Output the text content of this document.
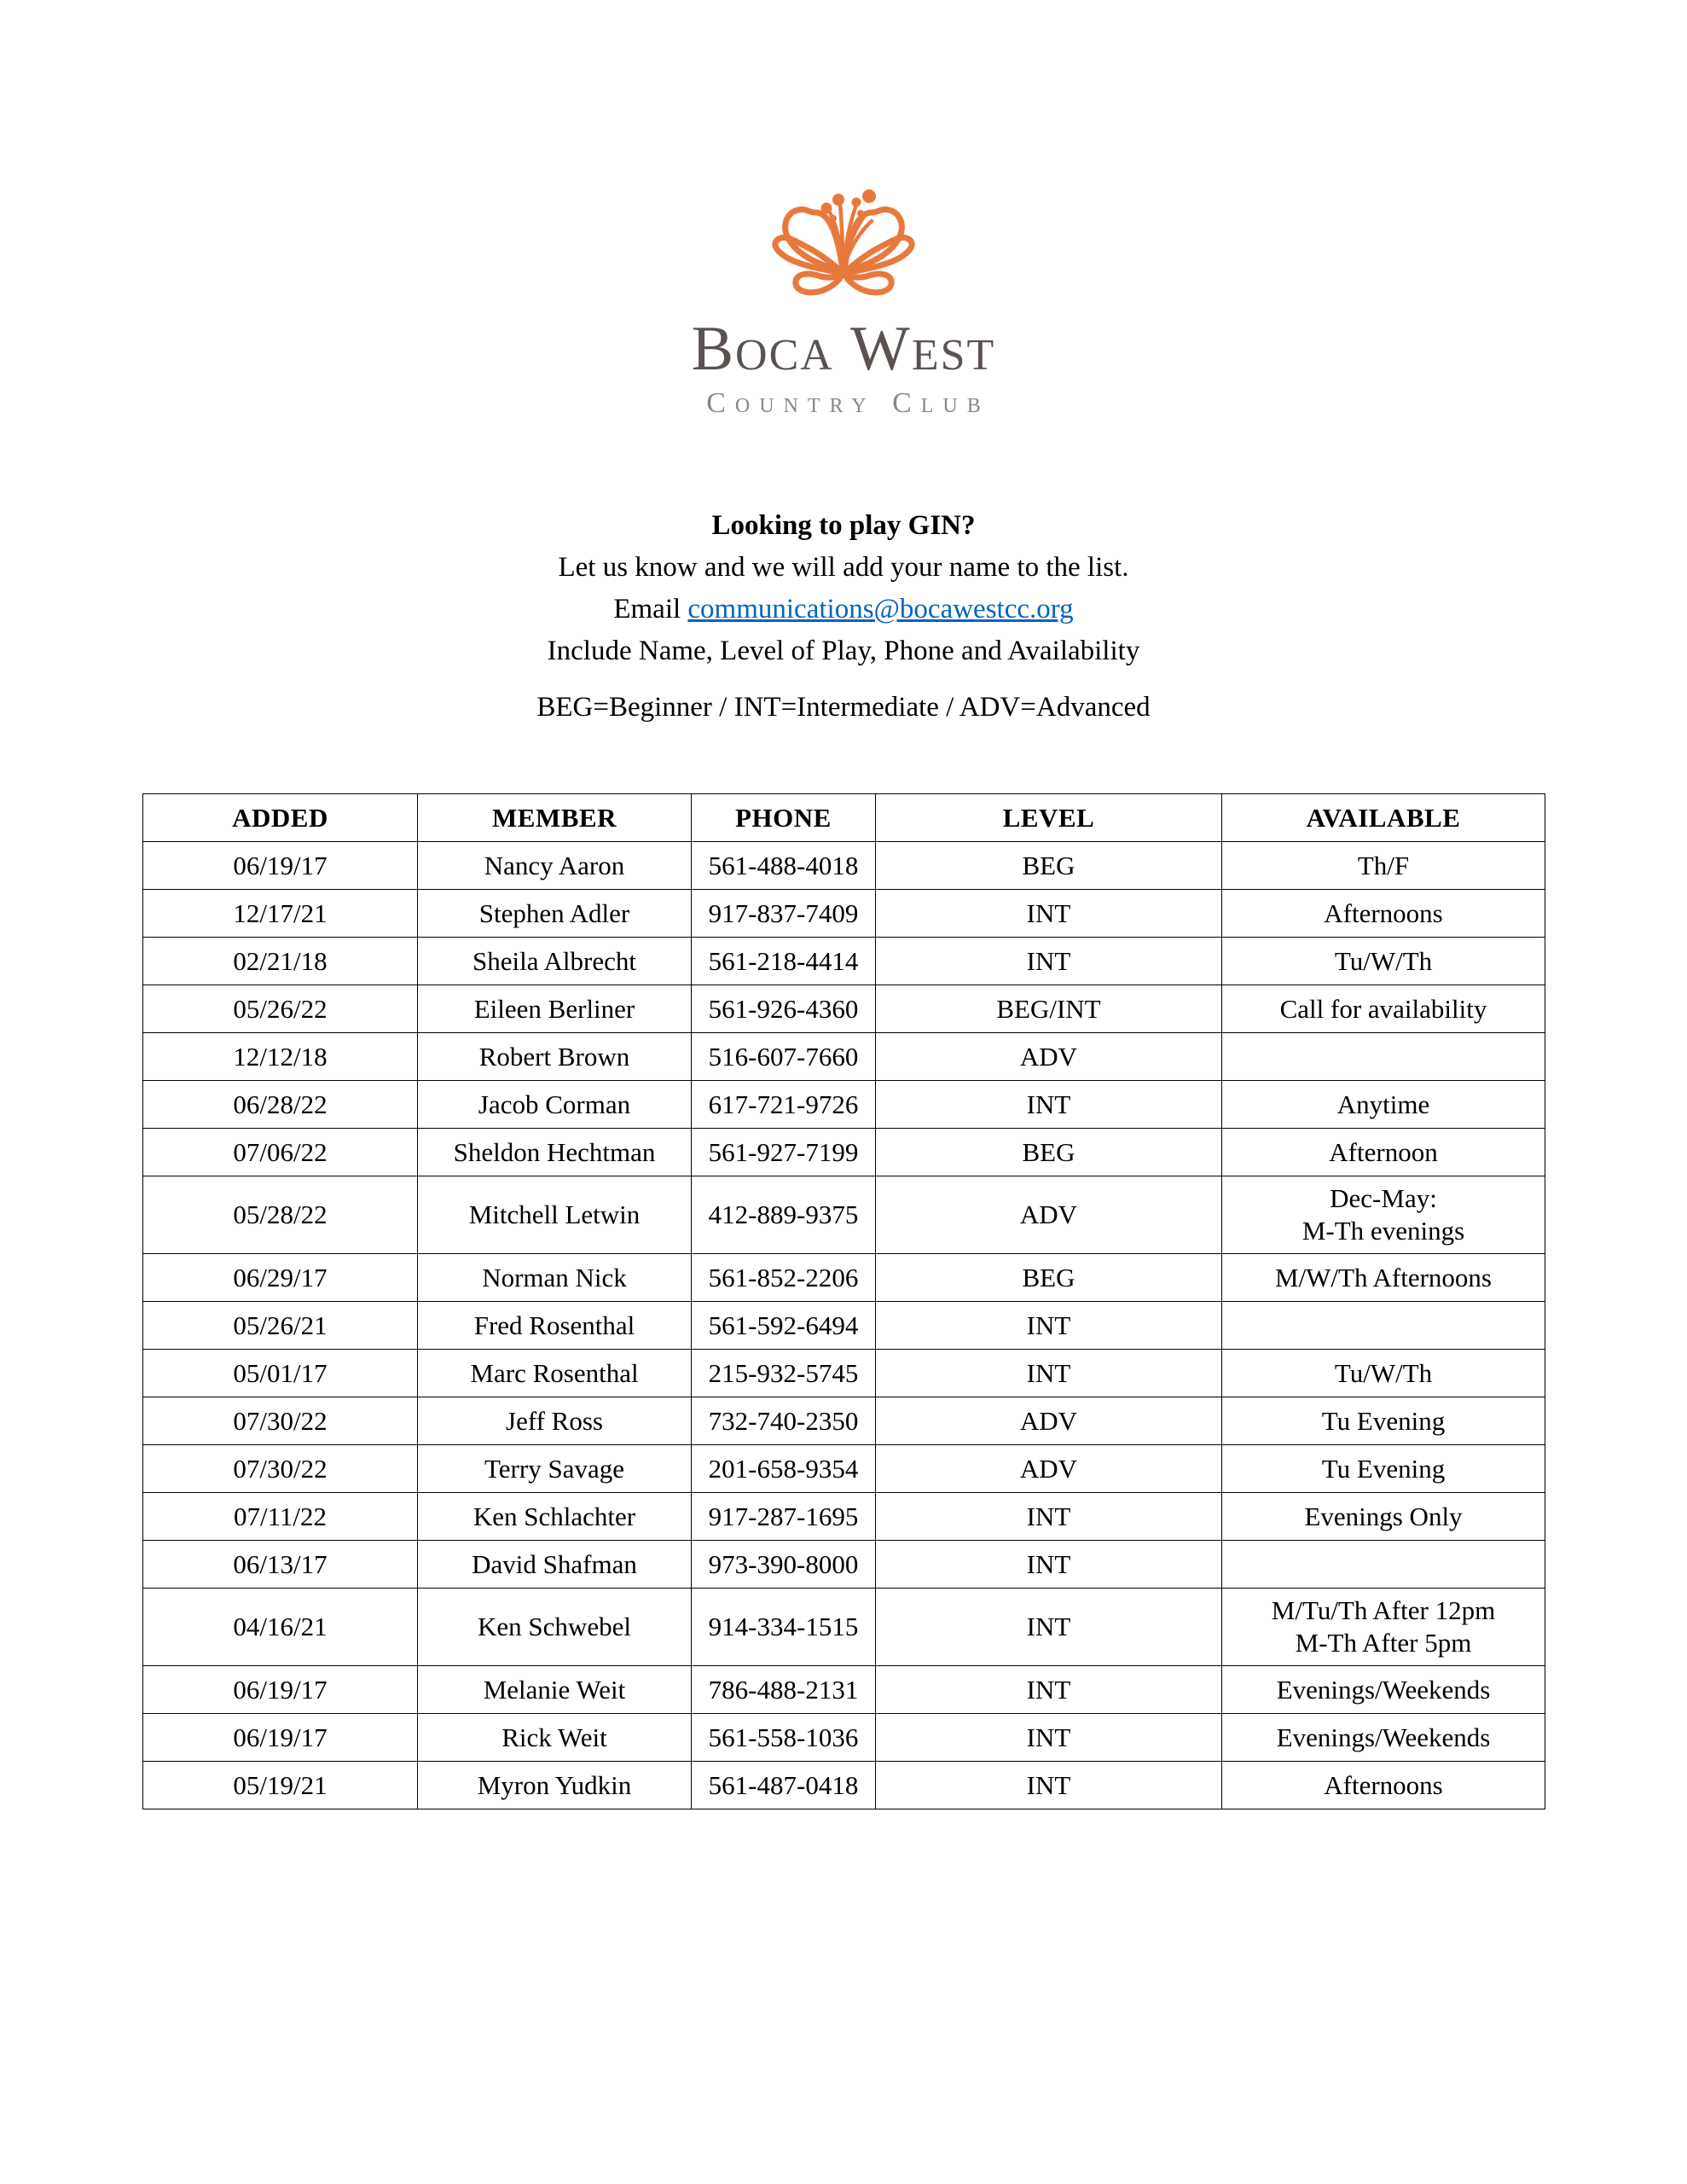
Boca West
Country Club
Looking to play GIN?
Let us know and we will add your name to the list.
Email communications@bocawestcc.org
Include Name, Level of Play, Phone and Availability
BEG=Beginner / INT=Intermediate / ADV=Advanced
ADDED	MEMBER	PHONE	LEVEL	AVAILABLE
06/19/17	Nancy Aaron	561-488-4018	BEG	Th/F
12/17/21	Stephen Adler	917-837-7409	INT	Afternoons
02/21/18	Sheila Albrecht	561-218-4414	INT	Tu/W/Th
05/26/22	Eileen Berliner	561-926-4360	BEG/INT	Call for availability
12/12/18	Robert Brown	516-607-7660	ADV	
06/28/22	Jacob Corman	617-721-9726	INT	Anytime
07/06/22	Sheldon Hechtman	561-927-7199	BEG	Afternoon
05/28/22	Mitchell Letwin	412-889-9375	ADV	Dec-May:
M-Th evenings
06/29/17	Norman Nick	561-852-2206	BEG	M/W/Th Afternoons
05/26/21	Fred Rosenthal	561-592-6494	INT	
05/01/17	Marc Rosenthal	215-932-5745	INT	Tu/W/Th
07/30/22	Jeff Ross	732-740-2350	ADV	Tu Evening
07/30/22	Terry Savage	201-658-9354	ADV	Tu Evening
07/11/22	Ken Schlachter	917-287-1695	INT	Evenings Only
06/13/17	David Shafman	973-390-8000	INT	
04/16/21	Ken Schwebel	914-334-1515	INT	M/Tu/Th After 12pm
M-Th After 5pm
06/19/17	Melanie Weit	786-488-2131	INT	Evenings/Weekends
06/19/17	Rick Weit	561-558-1036	INT	Evenings/Weekends
05/19/21	Myron Yudkin	561-487-0418	INT	Afternoons
